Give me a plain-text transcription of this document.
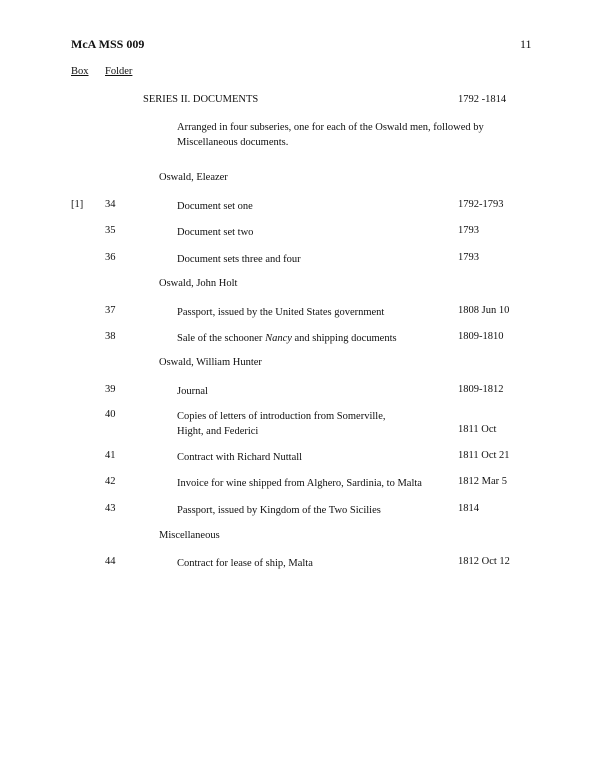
McA MSS 009	11
Box Folder
SERIES II. DOCUMENTS	1792 -1814
Arranged in four subseries, one for each of the Oswald men, followed by Miscellaneous documents.
Oswald, Eleazer
[1] 34	Document set one	1792-1793
35	Document set two	1793
36	Document sets three and four	1793
Oswald, John Holt
37	Passport, issued by the United States government	1808 Jun 10
38	Sale of the schooner Nancy and shipping documents	1809-1810
Oswald, William Hunter
39	Journal	1809-1812
40	Copies of letters of introduction from Somerville,
Hight, and Federici	1811 Oct
41	Contract with Richard Nuttall	1811 Oct 21
42	Invoice for wine shipped from Alghero, Sardinia, to Malta	1812 Mar 5
43	Passport, issued by Kingdom of the Two Sicilies	1814
Miscellaneous
44	Contract for lease of ship, Malta	1812 Oct 12
